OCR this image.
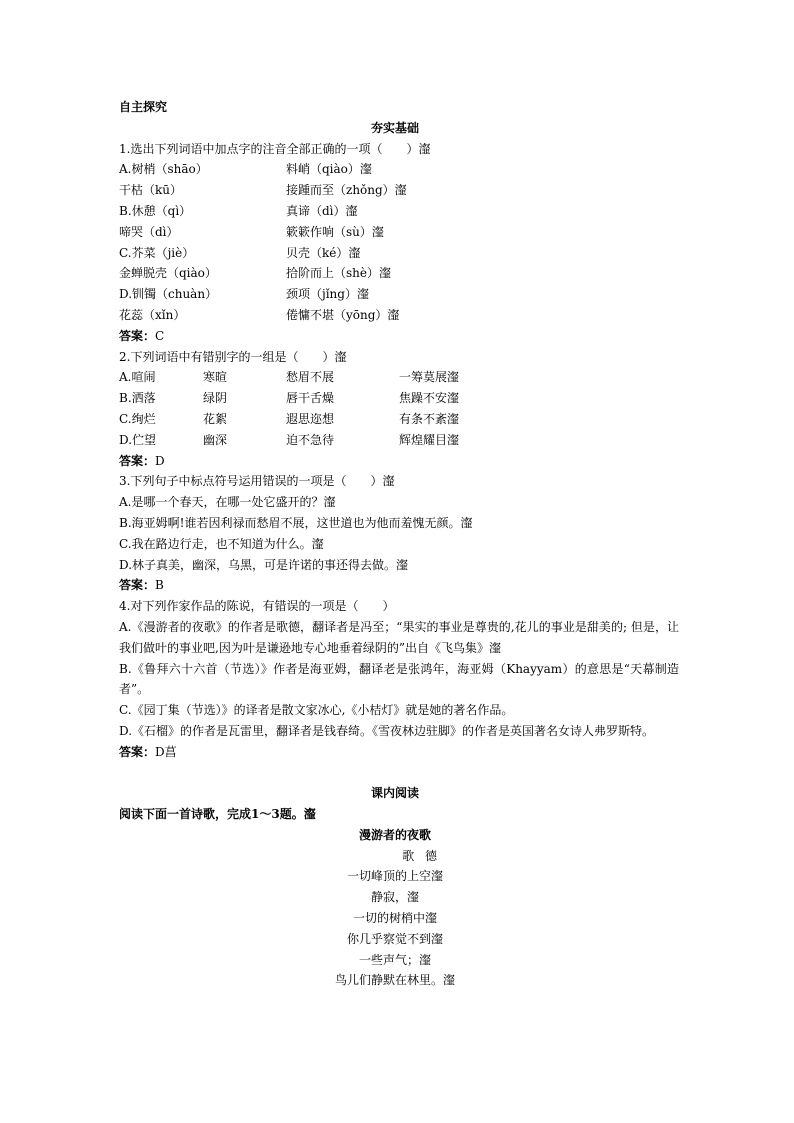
自主探究
夯实基础
1.选出下列词语中加点字的注音全部正确的一项（　　）瀣
A.树梢（shāo）	料峭（qiào）瀣
干枯（kū）	接踵而至（zhǒng）瀣
B.休憩（qì）	真谛（dì）瀣
啼哭（dì）	簌簌作响（sù）瀣
C.芥菜（jiè）	贝壳（ké）瀣
金蝉脱壳（qiào）	拾阶而上（shè）瀣
D.钏镯（chuàn）	颈项（jǐng）瀣
花蕊（xǐn）	倦慵不堪（yōng）瀣
答案：C
2.下列词语中有错别字的一组是（　　）瀣
A.喧闹	寒暄	愁眉不展	一筹莫展瀣
B.洒落	绿阴	唇干舌燥	焦躁不安瀣
C.绚烂	花絮	遐思迩想	有条不紊瀣
D.伫望	幽深	迫不急待	辉煌耀目瀣
答案：D
3.下列句子中标点符号运用错误的一项是（　　）瀣
A.是哪一个春天，在哪一处它盛开的？瀣
B.海亚姆啊!谁若因利禄而愁眉不展，这世道也为他而羞愧无颜。瀣
C.我在路边行走，也不知道为什么。瀣
D.林子真美，幽深，乌黑，可是许诺的事还得去做。瀣
答案：B
4.对下列作家作品的陈说，有错误的一项是（　　）
A.《漫游者的夜歌》的作者是歌德，翻译者是冯至；“果实的事业是尊贵的,花儿的事业是甜美的; 但是，让我们做叶的事业吧,因为叶是谦逊地专心地垂着绿阴的”出自《飞鸟集》瀣
B.《鲁拜六十六首（节选）》作者是海亚姆，翻译老是张鸿年，海亚姆（Khayyam）的意思是“天幕制造者”。
C.《园丁集（节选）》的译者是散文家冰心,《小桔灯》就是她的著名作品。
D.《石榴》的作者是瓦雷里，翻译者是钱春绮。《雪夜林边驻脚》的作者是英国著名女诗人弗罗斯特。
答案：D菖
课内阅读
阅读下面一首诗歌，完成1～3题。瀣
漫游者的夜歌
歌德
一切峰顶的上空瀣
静寂，瀣
一切的树梢中瀣
你几乎察觉不到瀣
一些声气；瀣
鸟儿们静默在林里。瀣
